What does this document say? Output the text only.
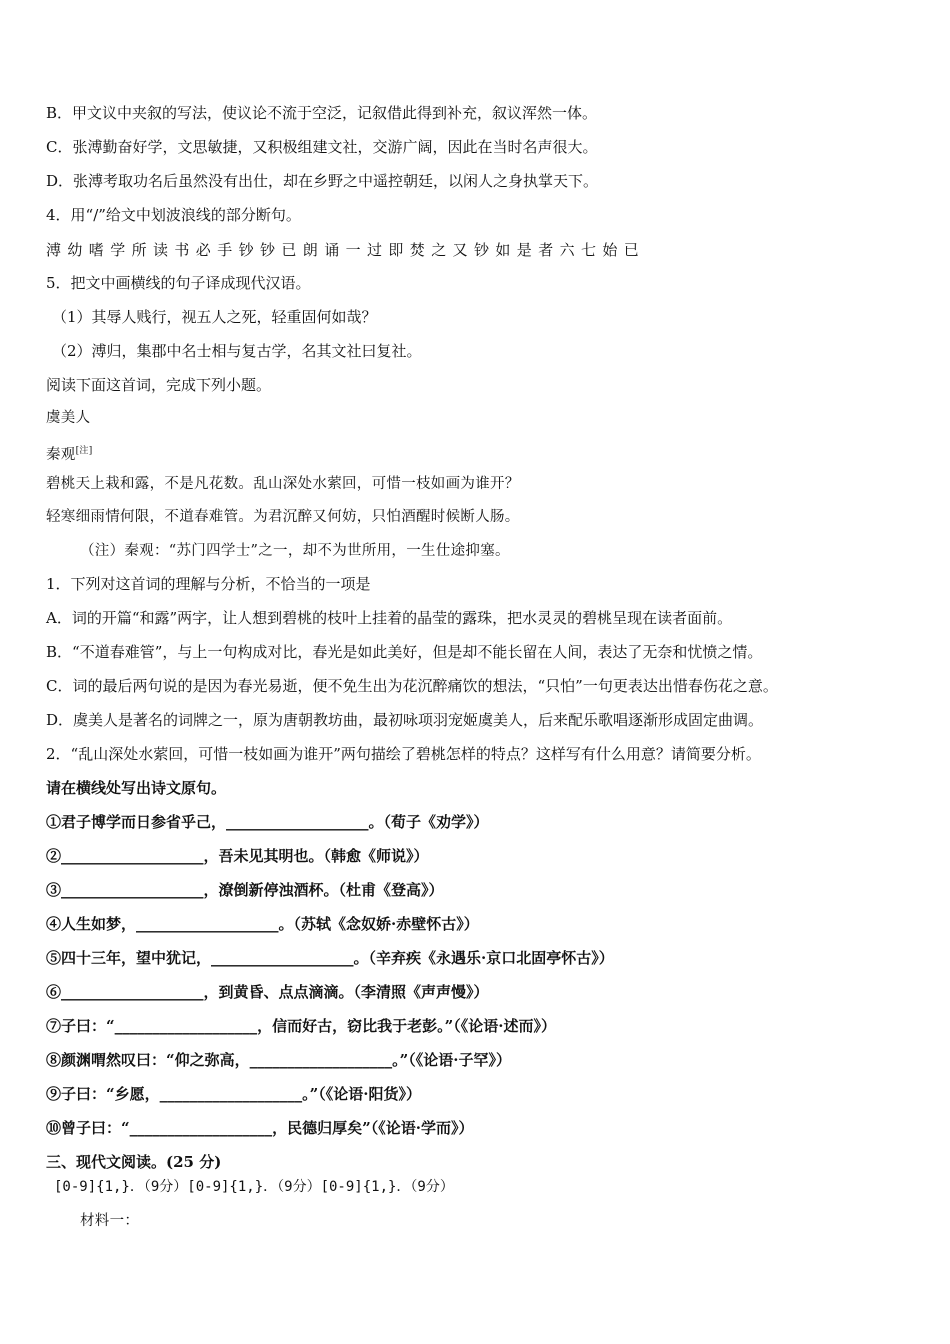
B．甲文议中夹叙的写法，使议论不流于空泛，记叙借此得到补充，叙议浑然一体。
C．张溥勤奋好学，文思敏捷，又积极组建文社，交游广阔，因此在当时名声很大。
D．张溥考取功名后虽然没有出仕，却在乡野之中遥控朝廷，以闲人之身执掌天下。
4．用“/”给文中划波浪线的部分断句。
溥幼嗜学所读书必手钞钞已朗诵一过即焚之又钞如是者六七始已
5．把文中画横线的句子译成现代汉语。
（1）其辱人贱行，视五人之死，轻重固何如哉？
（2）溥归，集郡中名士相与复古学，名其文社曰复社。
阅读下面这首词，完成下列小题。
虞美人
秦观[注]
碧桃天上栽和露，不是凡花数。乱山深处水萦回，可惜一枝如画为谁开？
轻寒细雨情何限，不道春难管。为君沉醉又何妨，只怕酒醒时候断人肠。
（注）秦观：“苏门四学士”之一，却不为世所用，一生仕途抑塞。
1．下列对这首词的理解与分析，不恰当的一项是
A．词的开篇“和露”两字，让人想到碧桃的枝叶上挂着的晶莹的露珠，把水灵灵的碧桃呈现在读者面前。
B．“不道春难管”，与上一句构成对比，春光是如此美好，但是却不能长留在人间，表达了无奈和忧愤之情。
C．词的最后两句说的是因为春光易逝，便不免生出为花沉醉痛饮的想法，“只怕”一句更表达出惜春伤花之意。
D．虞美人是著名的词牌之一，原为唐朝教坊曲，最初咏项羽宠姬虞美人，后来配乐歌唱逐渐形成固定曲调。
2．“乱山深处水萦回，可惜一枝如画为谁开”两句描绘了碧桃怎样的特点？这样写有什么用意？请简要分析。
请在横线处写出诗文原句。
①君子博学而日参省乎己，___________________。（荀子《劝学》）
②___________________，吾未见其明也。（韩愈《师说》）
③___________________，潦倒新停浊酒杯。（杜甫《登高》）
④人生如梦，___________________。（苏轼《念奴娇·赤壁怀古》）
⑤四十三年，望中犹记，___________________。（辛弃疾《永遇乐·京口北固亭怀古》）
⑥___________________，到黄昏、点点滴滴。（李清照《声声慢》）
⑦子曰：“___________________，信而好古，窃比我于老彭。”（《论语·述而》）
⑧颜渊喟然叹曰：“仰之弥高，___________________。”（《论语·子罕》）
⑨子曰：“乡愿，___________________。”（《论语·阳货》）
⑩曾子曰：“___________________，民德归厚矣”（《论语·学而》）
三、现代文阅读。(25 分)
[0-9]{1,}．（9分）[0-9]{1,}．（9分）[0-9]{1,}．（9分）
材料一：
